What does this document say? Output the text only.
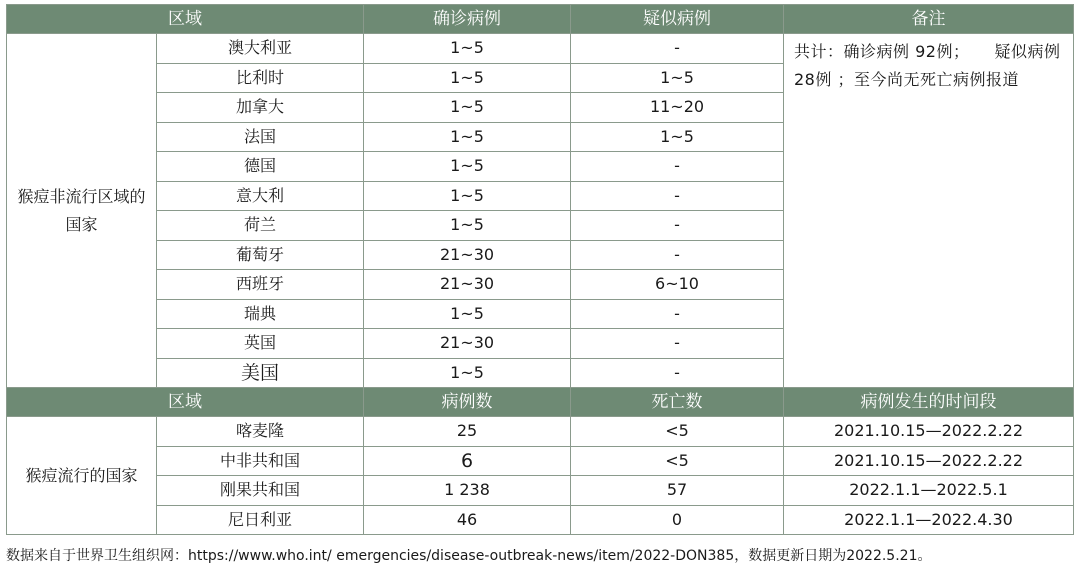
区域		确诊病例	疑似病例	备注

猴痘非流行区域的国家	澳大利亚	1~5	-	共计：确诊病例 92例；　　疑似病例 28例 ；至今尚无死亡病例报道
	比利时	1~5	1~5	
	加拿大	1~5	11~20	
	法国	1~5	1~5	
	德国	1~5	-	
	意大利	1~5	-	
	荷兰	1~5	-	
	葡萄牙	21~30	-	
	西班牙	21~30	6~10	
	瑞典	1~5	-	
	英国	21~30	-	
	美国	1~5	-	
区域		病例数	死亡数	病例发生的时间段
猴痘流行的国家	喀麦隆	25	<5	2021.10.15—2022.2.22
	中非共和国	6	<5	2021.10.15—2022.2.22
	刚果共和国	1 238	57	2022.1.1—2022.5.1
	尼日利亚	46	0	2022.1.1—2022.4.30
数据来自于世界卫生组织网：https://www.who.int/ emergencies/disease-outbreak-news/item/2022-DON385，数据更新日期为2022.5.21。
